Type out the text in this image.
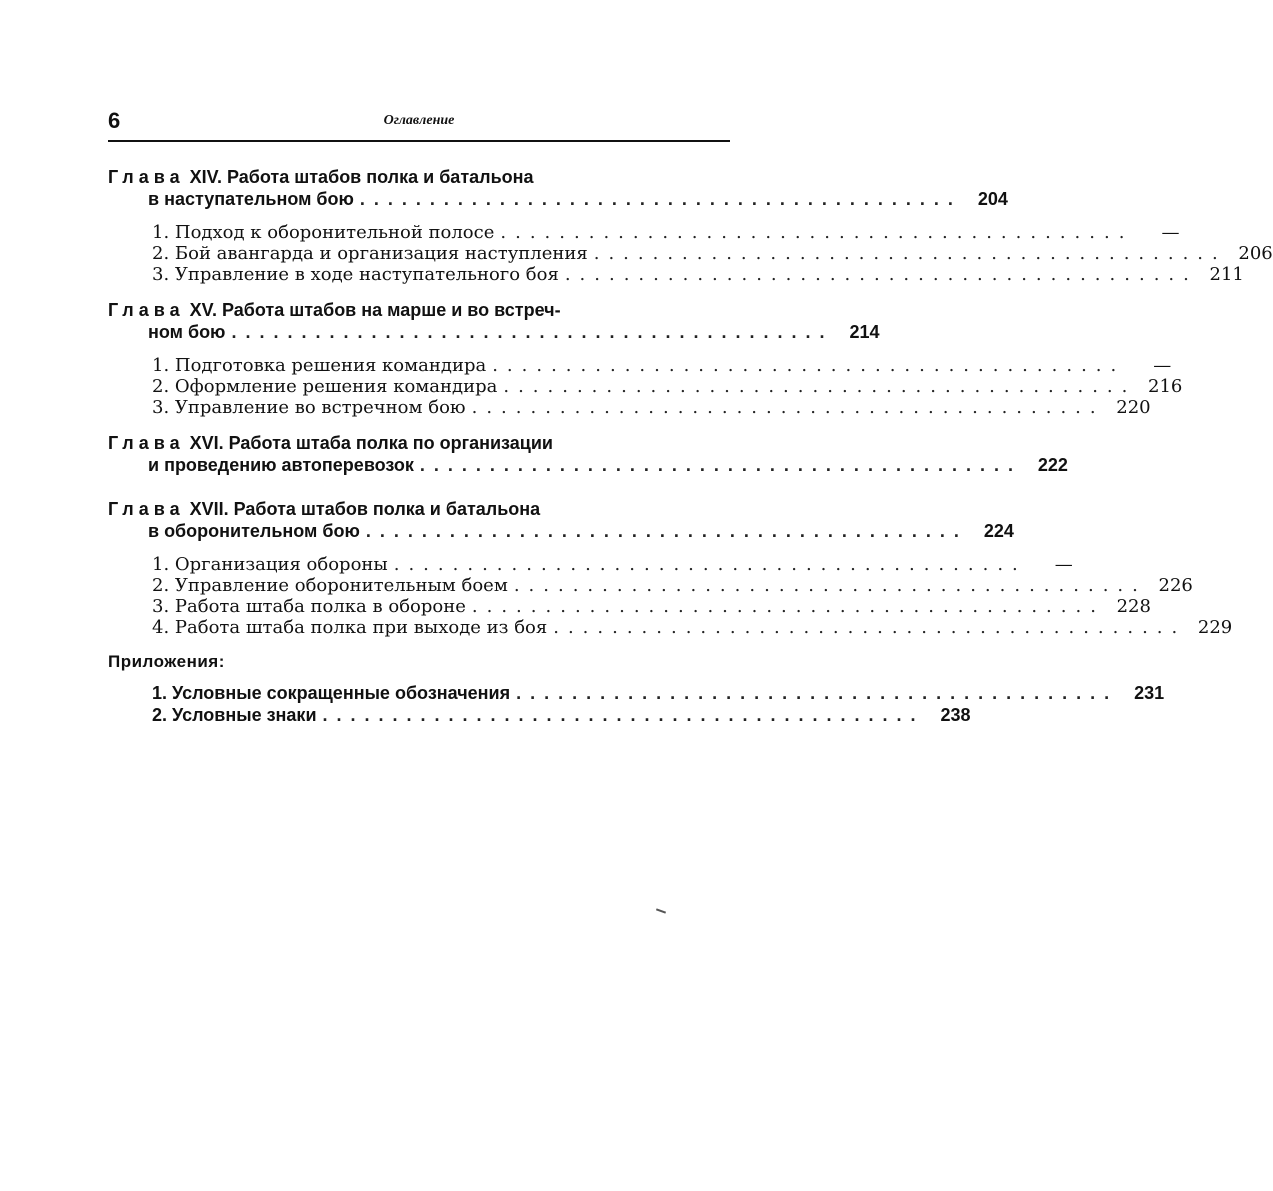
6	Оглавление
Глава XIV. Работа штабов полка и батальона
в наступательном бою ........................................... 204
1. Подход к оборонительной полосе ...........................................	—
2. Бой авангарда и организация наступления ........................................... 206
3. Управление в ходе наступательного боя ........................................... 211
Глава XV. Работа штабов на марше и во встреч-
ном бою ........................................... 214
1. Подготовка решения командира ...........................................	—
2. Оформление решения командира ........................................... 216
3. Управление во встречном бою ........................................... 220
Глава XVI. Работа штаба полка по организации
и проведению автоперевозок ........................................... 222
Глава XVII. Работа штабов полка и батальона
в оборонительном бою ........................................... 224
1. Организация обороны ...........................................	—
2. Управление оборонительным боем ........................................... 226
3. Работа штаба полка в обороне ........................................... 228
4. Работа штаба полка при выходе из боя ........................................... 229
Приложения:
1. Условные сокращенные обозначения ........................................... 231
2. Условные знаки ........................................... 238
